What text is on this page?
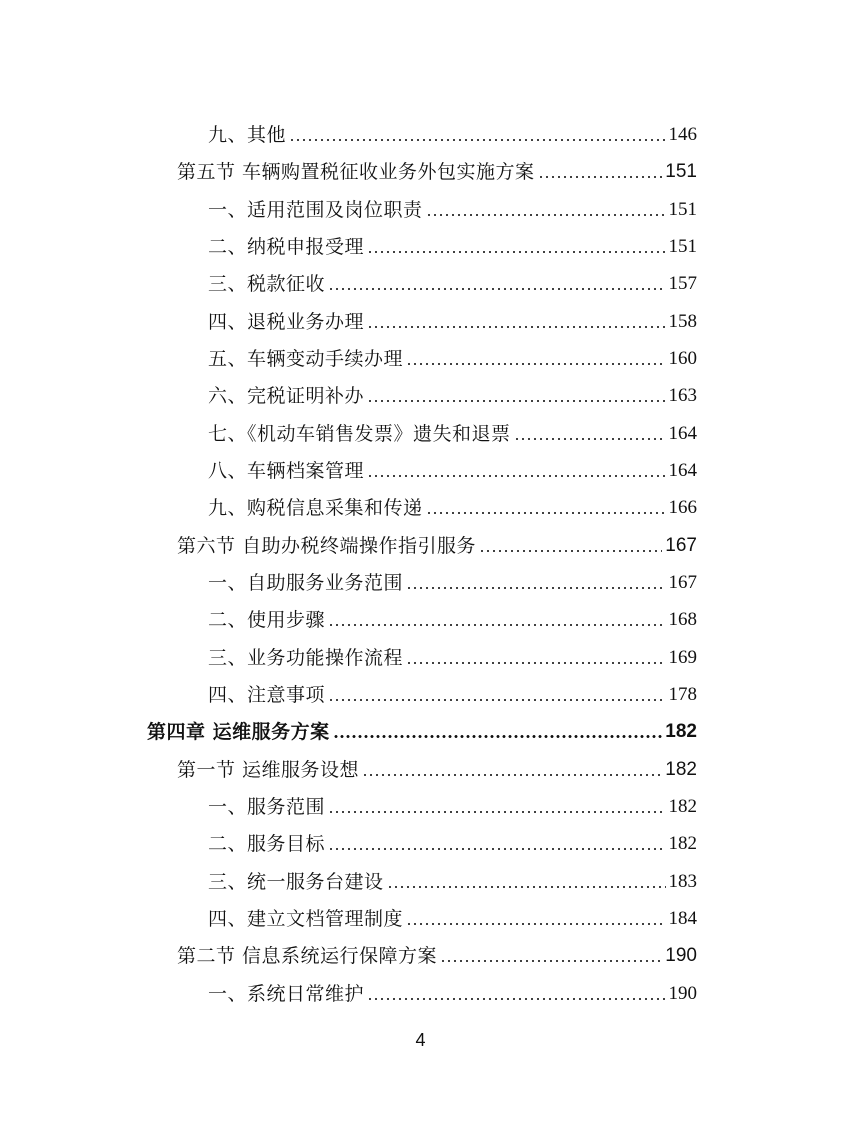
九、其他	146
第五节 车辆购置税征收业务外包实施方案	151
一、适用范围及岗位职责	151
二、纳税申报受理	151
三、税款征收	157
四、退税业务办理	158
五、车辆变动手续办理	160
六、完税证明补办	163
七、《机动车销售发票》遗失和退票	164
八、车辆档案管理	164
九、购税信息采集和传递	166
第六节 自助办税终端操作指引服务	167
一、自助服务业务范围	167
二、使用步骤	168
三、业务功能操作流程	169
四、注意事项	178
第四章 运维服务方案	182
第一节 运维服务设想	182
一、服务范围	182
二、服务目标	182
三、统一服务台建设	183
四、建立文档管理制度	184
第二节 信息系统运行保障方案	190
一、系统日常维护	190
4
